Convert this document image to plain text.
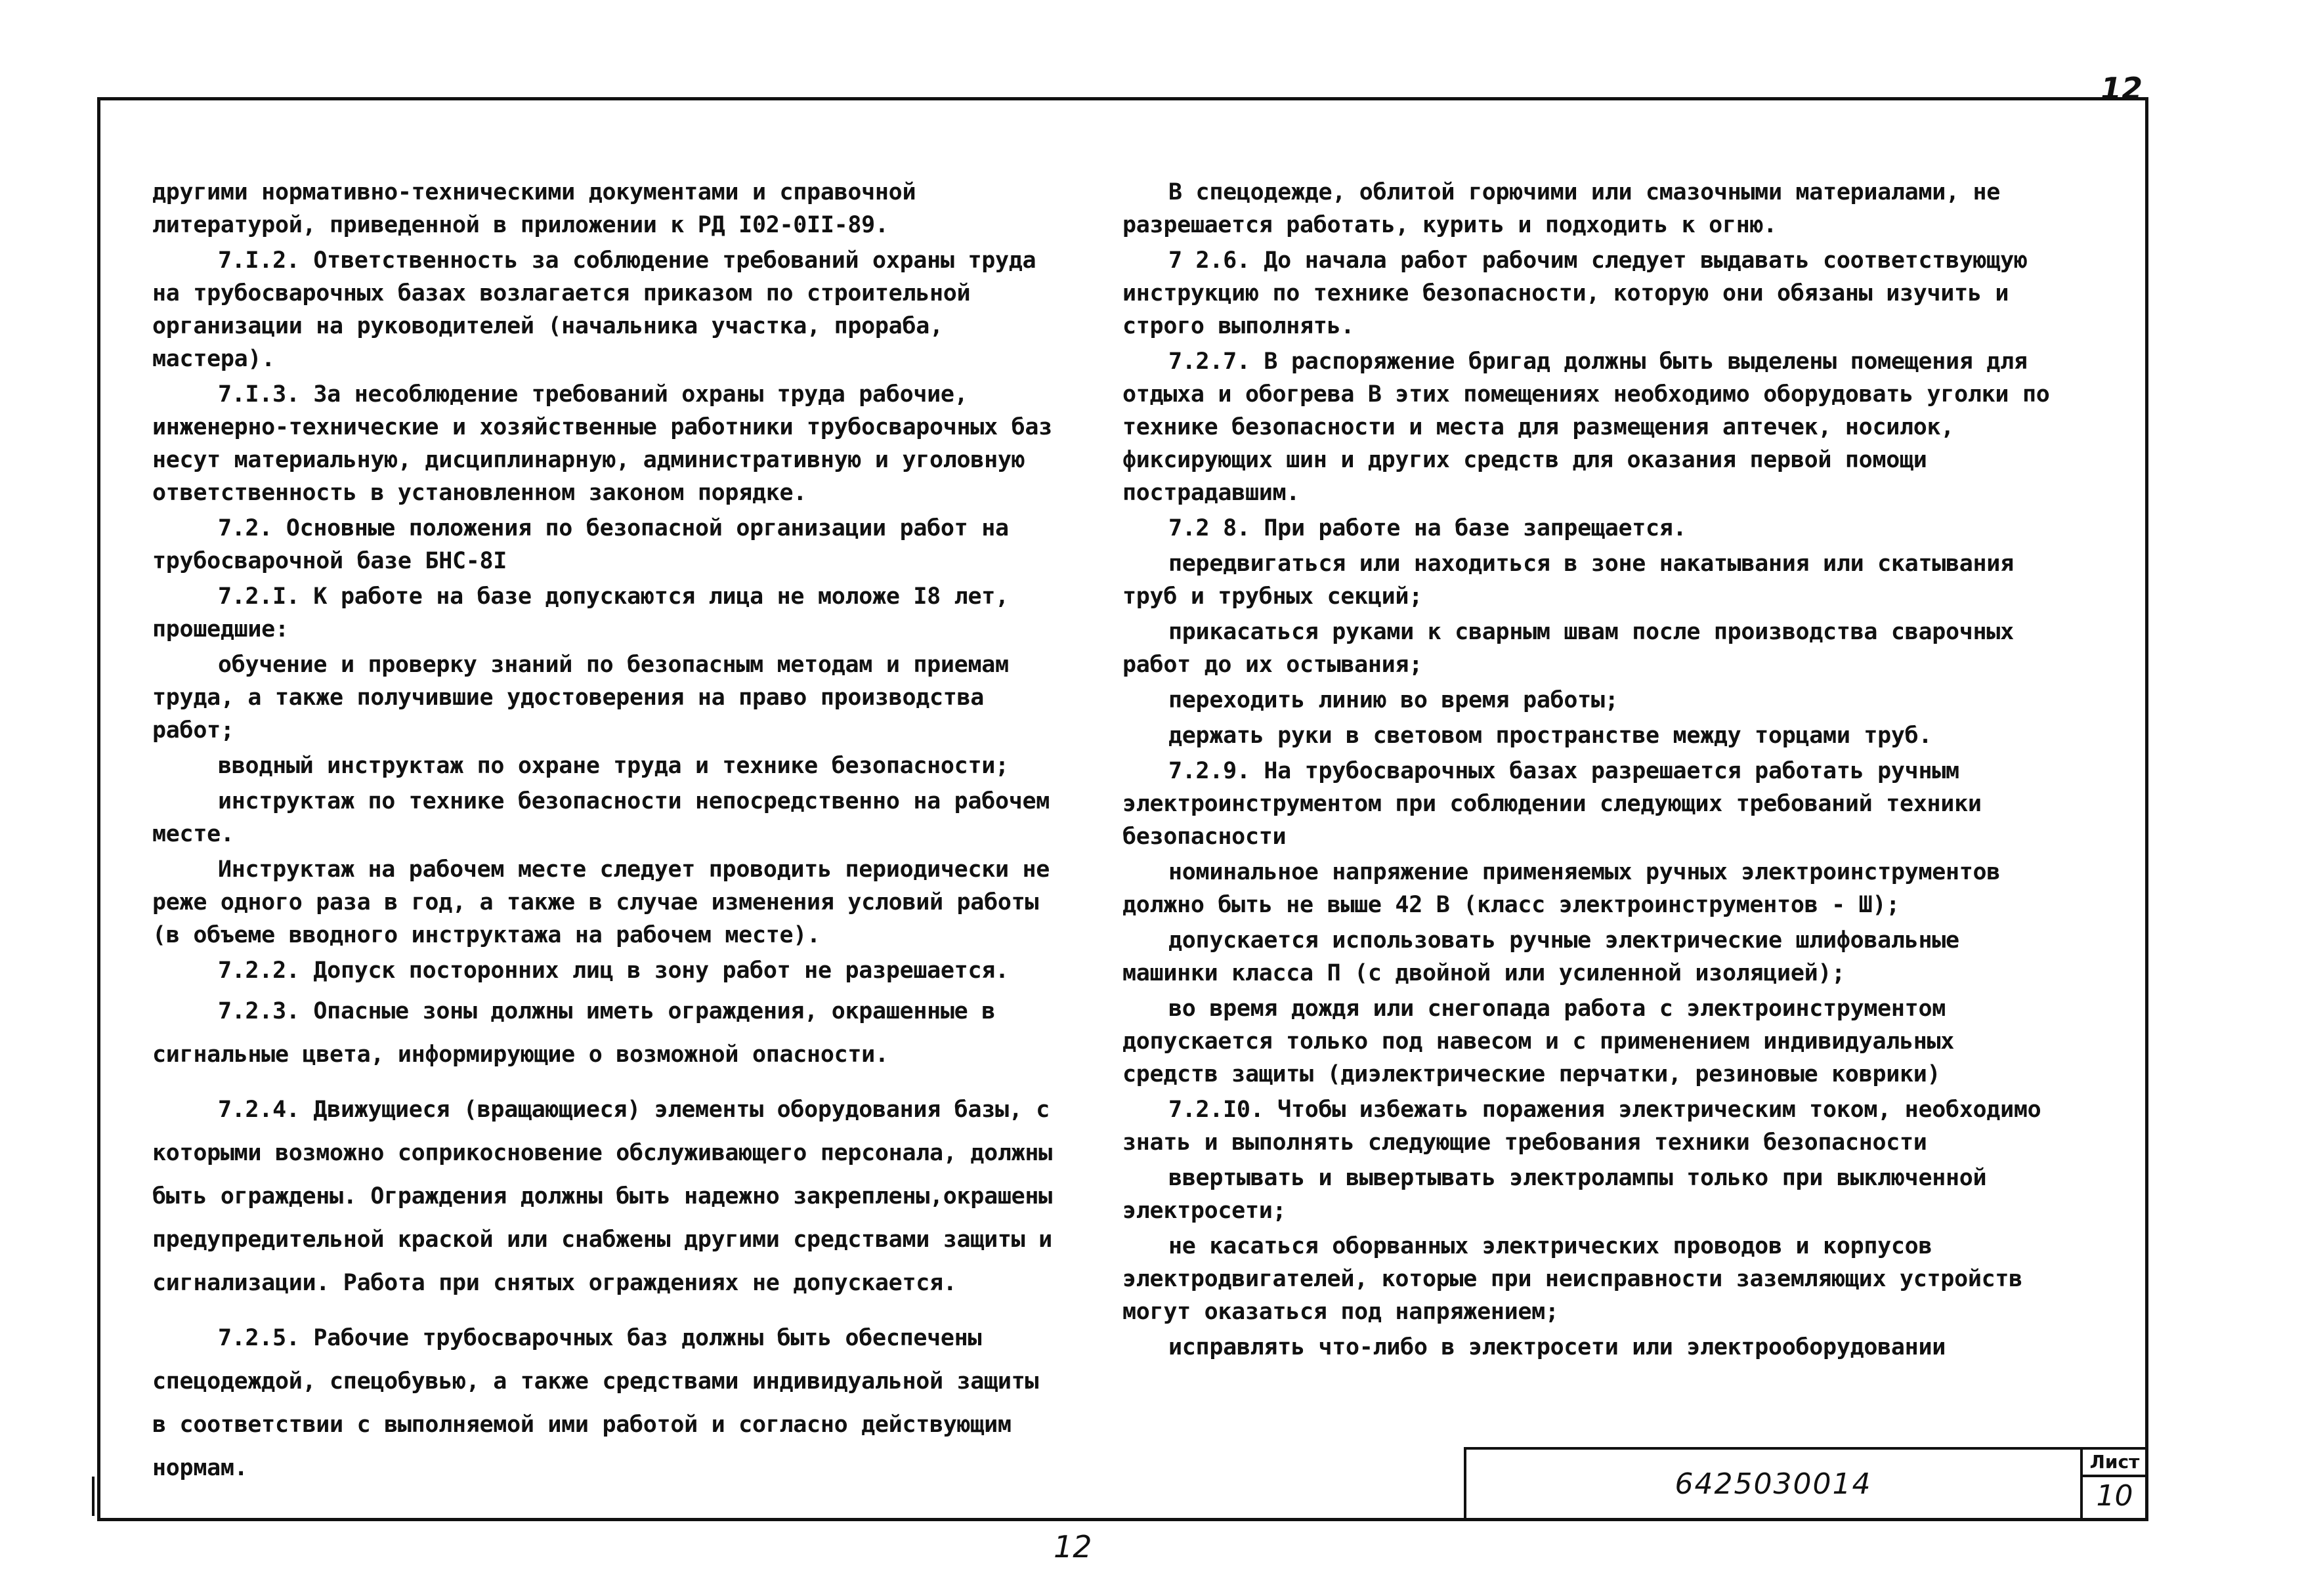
12

другими нормативно-техническими документами и справочной литературой, приведенной в приложении к РД I02-0II-89.

7.I.2. Ответственность за соблюдение требований охраны труда на трубосварочных базах возлагается приказом по строительной организации на руководителей (начальника участка, прораба, мастера).

7.I.3. За несоблюдение требований охраны труда рабочие, инженерно-технические и хозяйственные работники трубосварочных баз несут материальную, дисциплинарную, административную и уголовную ответственность в установленном законом порядке.

7.2. Основные положения по безопасной организации работ на трубосварочной базе БНС-8I

7.2.I. К работе на базе допускаются лица не моложе I8 лет, прошедшие:

обучение и проверку знаний по безопасным методам и приемам труда, а также получившие удостоверения на право производства работ;

вводный инструктаж по охране труда и технике безопасности;

инструктаж по технике безопасности непосредственно на рабочем месте.

Инструктаж на рабочем месте следует проводить периодически не реже одного раза в год, а также в случае изменения условий работы (в объеме вводного инструктажа на рабочем месте).

7.2.2. Допуск посторонних лиц в зону работ не разрешается.

7.2.3. Опасные зоны должны иметь ограждения, окрашенные в сигнальные цвета, информирующие о возможной опасности.

7.2.4. Движущиеся (вращающиеся) элементы оборудования базы, с которыми возможно соприкосновение обслуживающего персонала, должны быть ограждены. Ограждения должны быть надежно закреплены,окрашены предупредительной краской или снабжены другими средствами защиты и сигнализации. Работа при снятых ограждениях не допускается.

7.2.5. Рабочие трубосварочных баз должны быть обеспечены спецодеждой, спецобувью, а также средствами индивидуальной защиты в соответствии с выполняемой ими работой и согласно действующим нормам.

В спецодежде, облитой горючими или смазочными материалами, не разрешается работать, курить и подходить к огню.

7 2.6. До начала работ рабочим следует выдавать соответствующую инструкцию по технике безопасности, которую они обязаны изучить и строго выполнять.

7.2.7. В распоряжение бригад должны быть выделены помещения для отдыха и обогрева В этих помещениях необходимо оборудовать уголки по технике безопасности и места для размещения аптечек, носилок, фиксирующих шин и других средств для оказания первой помощи пострадавшим.

7.2 8. При работе на базе запрещается.

передвигаться или находиться в зоне накатывания или скатывания труб и трубных секций;

прикасаться руками к сварным швам после производства сварочных работ до их остывания;

переходить линию во время работы;

держать руки в световом пространстве между торцами труб.

7.2.9. На трубосварочных базах разрешается работать ручным электроинструментом при соблюдении следующих требований техники безопасности

номинальное напряжение применяемых ручных электроинструментов должно быть не выше 42 В (класс электроинструментов - Ш);

допускается использовать ручные электрические шлифовальные машинки класса П (с двойной или усиленной изоляцией);

во время дождя или снегопада работа с электроинструментом допускается только под навесом и с применением индивидуальных средств защиты (диэлектрические перчатки, резиновые коврики)

7.2.I0. Чтобы избежать поражения электрическим током, необходимо знать и выполнять следующие требования техники безопасности

ввертывать и вывертывать электролампы только при выключенной электросети;

не касаться оборванных электрических проводов и корпусов электродвигателей, которые при неисправности заземляющих устройств могут оказаться под напряжением;

исправлять что-либо в электросети или электрооборудовании

6425030014
Лист
10
12
